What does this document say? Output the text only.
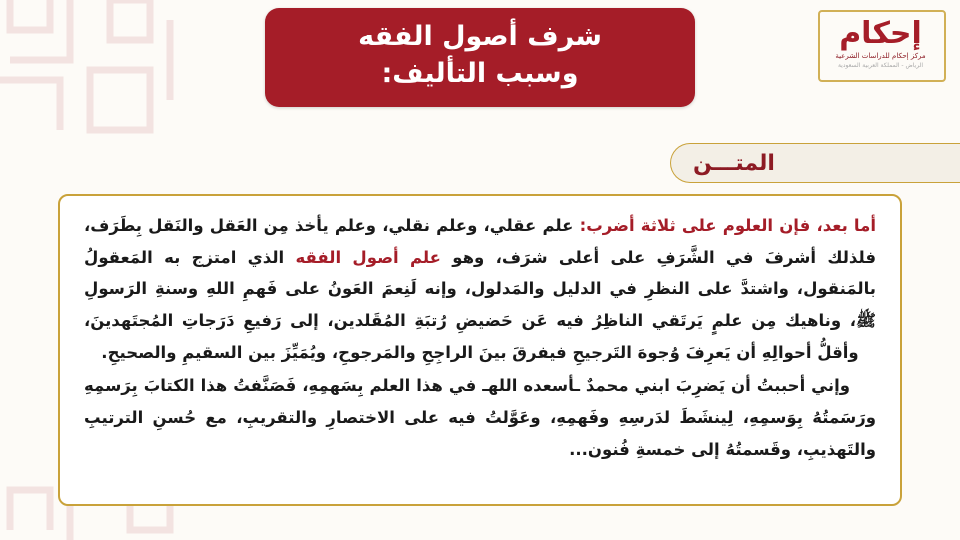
شرف أصول الفقه
وسبب التأليف:
إحكام
مركز إحكام للدراسات الشرعية
الرياض - المملكة العربية السعودية
المتـــن

أما بعد، فإن العلوم على ثلاثة أضرب: علم عقلي، وعلم نقلي، وعلم يأخذ مِن العَقل والنَقل بِطَرَف، فلذلك أشرفَ في الشَّرَفِ على أعلى شرَف، وهو علم أصول الفقه الذي امتزج به المَعقولُ بالمَنقول، واشتدَّ على النظرِ في الدليل والمَدلول، وإنه لَنِعمَ العَونُ على فَهمِ اللهِ وسنةِ الرَسولِ ﷺ، وناهيك مِن علمٍ يَرتَقي الناظِرُ فيه عَن حَضيضِ رُتبَةِ المُقَلدين، إلى رَفيعِ دَرَجاتِ المُجتَهدينَ، وأقلُّ أحوالِهِ أن يَعرِفَ وُجوهَ التَرجيحِ فيفرقَ بينَ الراجِحِ والمَرجوحِ، ويُمَيِّزَ بين السقيمِ والصحيحِ.

وإني أحببتُ أن يَضرِبَ ابني محمدٌ ـأسعده اللهـ في هذا العلم بِسَهمِهِ، فَصَنَّفتُ هذا الكتابَ بِرَسمِهِ ورَسَمتُهُ بِوَسمِهِ، لِينشَطَ لدَرسِهِ وفَهمِهِ، وعَوَّلتُ فيه على الاختصارِ والتقريبِ، مع حُسنِ الترتيبِ والتَهذيبِ، وقَسمتُهُ إلى خمسةِ فُنون...
